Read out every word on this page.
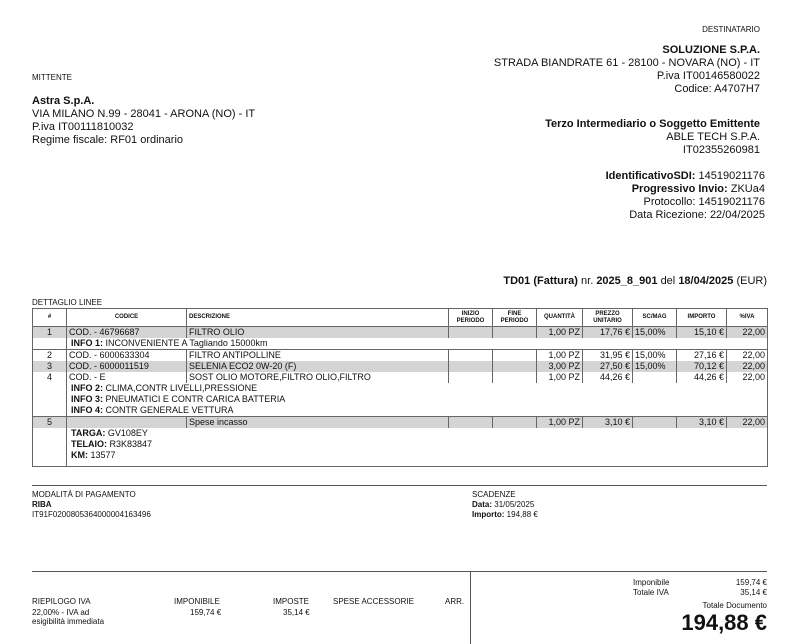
DESTINATARIO
SOLUZIONE S.P.A.
STRADA BIANDRATE 61 - 28100 - NOVARA (NO) - IT
P.iva IT00146580022
Codice: A4707H7
MITTENTE
Astra S.p.A.
VIA MILANO N.99 - 28041 - ARONA (NO) - IT
P.iva IT00111810032
Regime fiscale: RF01 ordinario
Terzo Intermediario o Soggetto Emittente
ABLE TECH S.P.A.
IT02355260981
IdentificativoSDI: 14519021176
Progressivo Invio: ZKUa4
Protocollo: 14519021176
Data Ricezione: 22/04/2025
TD01 (Fattura) nr. 2025_8_901 del 18/04/2025 (EUR)
DETTAGLIO LINEE
#	CODICE	DESCRIZIONE	INIZIO PERIODO	FINE PERIODO	QUANTITÀ	PREZZO UNITARIO	SC/MAG	IMPORTO	%IVA
1	COD. - 46796687	FILTRO OLIO			1,00 PZ	17,76 €	15,00%	15,10 €	22,00
	INFO 1: INCONVENIENTE A Tagliando 15000km								
2	COD. - 6000633304	FILTRO ANTIPOLLINE			1,00 PZ	31,95 €	15,00%	27,16 €	22,00
3	COD. - 6000011519	SELENIA ECO2 0W-20 (F)			3,00 PZ	27,50 €	15,00%	70,12 €	22,00
4	COD. - E	SOST OLIO MOTORE,FILTRO OLIO,FILTRO			1,00 PZ	44,26 €		44,26 €	22,00
	INFO 2: CLIMA,CONTR LIVELLI,PRESSIONE								
	INFO 3: PNEUMATICI E CONTR CARICA BATTERIA								
	INFO 4: CONTR GENERALE VETTURA								
5		Spese incasso			1,00 PZ	3,10 €		3,10 €	22,00
	TARGA: GV108EY								
	TELAIO: R3K83847								
	KM: 13577								

MODALITÀ DI PAGAMENTO
RIBA
IT91F0200805364000004163496
SCADENZE
Data: 31/05/2025
Importo: 194,88 €
RIEPILOGO IVA
22,00% - IVA ad
esigibilità immediata
IMPONIBILE
159,74 €
IMPOSTE
35,14 €
SPESE ACCESSORIE	ARR.
Imponibile	159,74 €
Totale IVA	35,14 €
Totale Documento
194,88 €
